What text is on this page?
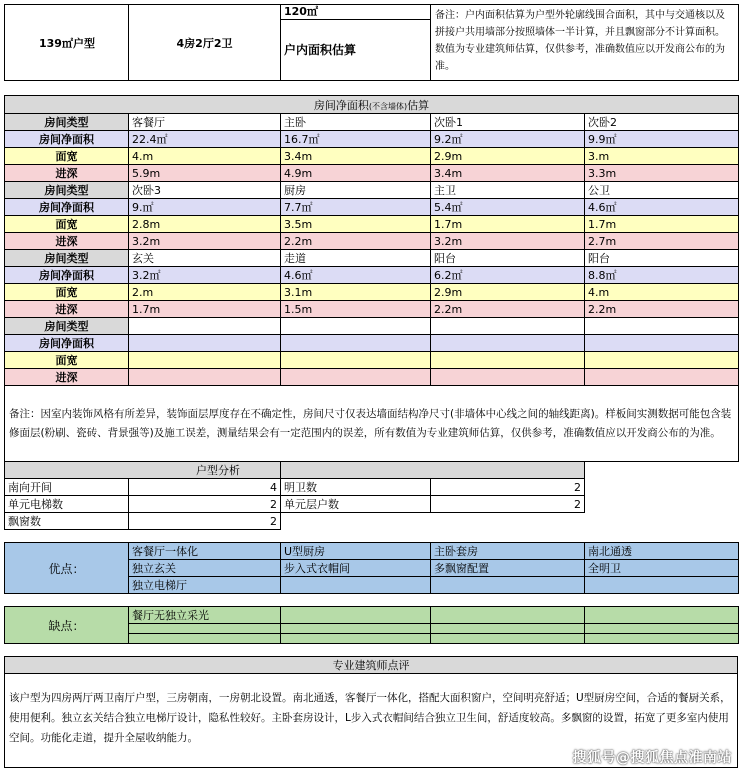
139㎡户型	4房2厅2卫	
120㎡
户内面积估算
	备注：户内面积估算为户型外轮廓线围合面积，其中与交通核以及拼接户共用墙部分按照墙体一半计算，并且飘窗部分不计算面积。数值为专业建筑师估算，仅供参考，准确数值应以开发商公布的为准。
房间净面积(不含墙体)估算				
房间类型	客餐厅	主卧	次卧1	次卧2
房间净面积	22.4㎡	16.7㎡	9.2㎡	9.9㎡
面宽	4.m	3.4m	2.9m	3.m
进深	5.9m	4.9m	3.4m	3.3m
房间类型	次卧3	厨房	主卫	公卫
房间净面积	9.㎡	7.7㎡	5.4㎡	4.6㎡
面宽	2.8m	3.5m	1.7m	1.7m
进深	3.2m	2.2m	3.2m	2.7m
房间类型	玄关	走道	阳台	阳台
房间净面积	3.2㎡	4.6㎡	6.2㎡	8.8㎡
面宽	2.m	3.1m	2.9m	4.m
进深	1.7m	1.5m	2.2m	2.2m
房间类型				
房间净面积				
面宽				
进深				
备注：因室内装饰风格有所差异，装饰面层厚度存在不确定性，房间尺寸仅表达墙面结构净尺寸(非墙体中心线之间的轴线距离)。样板间实测数据可能包含装修面层(粉刷、瓷砖、背景强等)及施工误差，测量结果会有一定范围内的误差，所有数值为专业建筑师估算，仅供参考，准确数值应以开发商公布的为准。				
户型分析			
南向开间	4	明卫数	2
单元电梯数	2	单元层户数	2
飘窗数	2		
优点：	客餐厅一体化	U型厨房	主卧套房	南北通透
	独立玄关	步入式衣帽间	多飘窗配置	全明卫
	独立电梯厅			
缺点：	餐厅无独立采光			

专业建筑师点评
该户型为四房两厅两卫南厅户型，三房朝南，一房朝北设置。南北通透，客餐厅一体化，搭配大面积窗户，空间明亮舒适；U型厨房空间，合适的餐厨关系，使用便利。独立玄关结合独立电梯厅设计，隐私性较好。主卧套房设计，L步入式衣帽间结合独立卫生间，舒适度较高。多飘窗的设置，拓宽了更多室内使用空间。功能化走道，提升全屋收纳能力。
搜狐号@搜狐焦点淮南站
